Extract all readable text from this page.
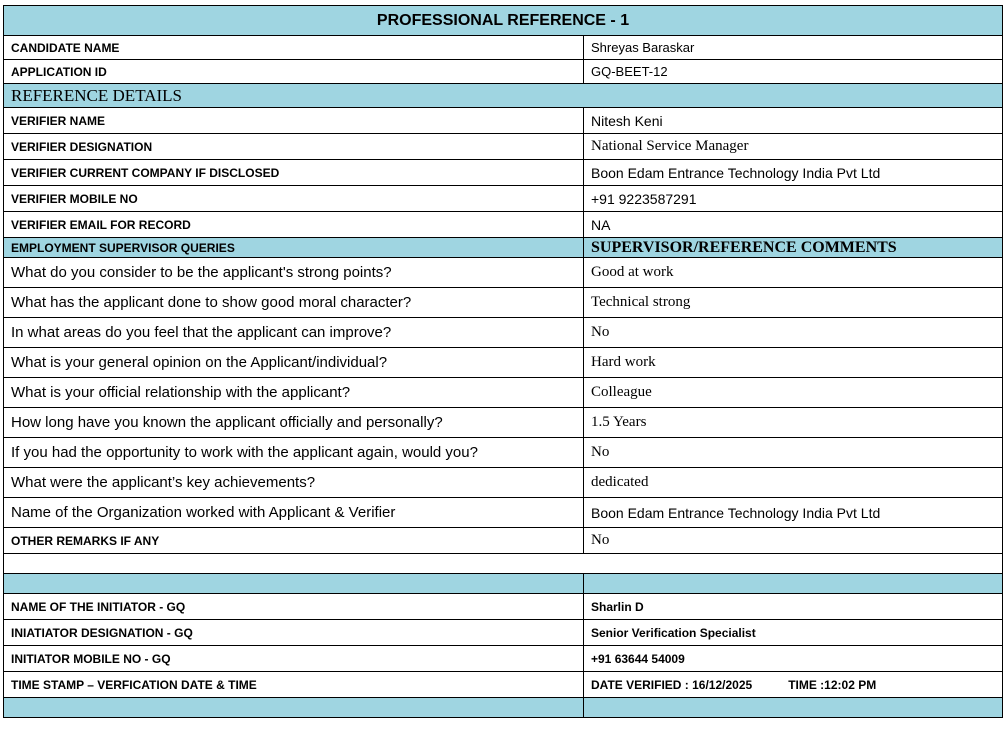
PROFESSIONAL REFERENCE - 1	
CANDIDATE NAME	Shreyas Baraskar
APPLICATION ID	GQ-BEET-12
REFERENCE DETAILS	
VERIFIER NAME	Nitesh Keni
VERIFIER DESIGNATION	National Service Manager
VERIFIER CURRENT COMPANY IF DISCLOSED	Boon Edam Entrance Technology India Pvt Ltd
VERIFIER MOBILE NO	+91 9223587291
VERIFIER EMAIL FOR RECORD	NA
EMPLOYMENT SUPERVISOR QUERIES	SUPERVISOR/REFERENCE COMMENTS
What do you consider to be the applicant's strong points?	Good at work
What has the applicant done to show good moral character?	Technical strong
In what areas do you feel that the applicant can improve?	No
What is your general opinion on the Applicant/individual?	Hard work
What is your official relationship with the applicant?	Colleague
How long have you known the applicant officially and personally?	1.5 Years
If you had the opportunity to work with the applicant again, would you?	No
What were the applicant’s key achievements?	dedicated
Name of the Organization worked with Applicant & Verifier	Boon Edam Entrance Technology India Pvt Ltd
OTHER REMARKS IF ANY	No

NAME OF THE INITIATOR - GQ	Sharlin D
INIATIATOR DESIGNATION - GQ	Senior Verification Specialist
INITIATOR MOBILE NO - GQ	+91 63644 54009
TIME STAMP – VERFICATION DATE & TIME	DATE VERIFIED : 16/12/2025 TIME :12:02 PM
